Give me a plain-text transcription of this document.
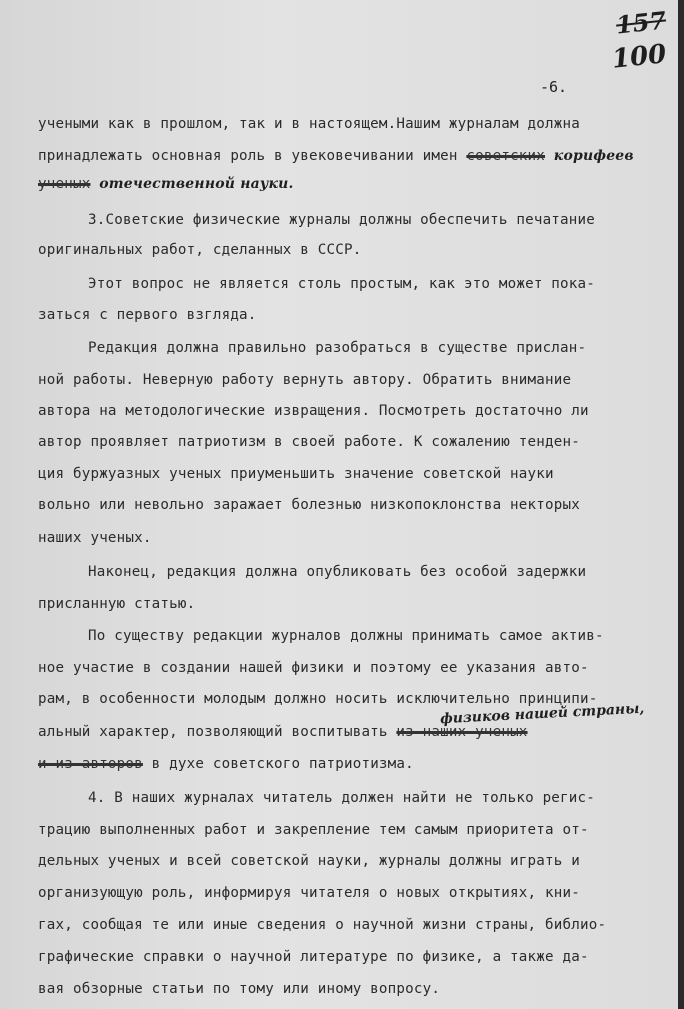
157
100
-6.
учеными как в прошлом, так и в настоящем.Нашим журналам должна
принадлежать основная роль в увековечивании имен советских корифеев
ученых отечественной науки.
3.Советские физические журналы должны обеспечить печатание
оригинальных работ, сделанных в СССР.
Этот вопрос не является столь простым, как это может пока-
заться с первого взгляда.
Редакция должна правильно разобраться в существе прислан-
ной работы. Неверную работу вернуть автору. Обратить внимание
автора на методологические извращения. Посмотреть достаточно ли
автор проявляет патриотизм в своей работе. К сожалению тенден-
ция буржуазных ученых приуменьшить значение советской науки
вольно или невольно заражает болезнью низкопоклонства некторых
наших ученых.
Наконец, редакция должна опубликовать без особой задержки
присланную статью.
По существу редакции журналов должны принимать самое актив-
ное участие в создании нашей физики и поэтому ее указания авто-
рам, в особенности молодым должно носить исключительно принципи-
физиков нашей страны,
альный характер, позволяющий воспитывать из наших ученых
и из авторов в духе советского патриотизма.
4. В наших журналах читатель должен найти не только регис-
трацию выполненных работ и закрепление тем самым приоритета от-
дельных ученых и всей советской науки, журналы должны играть и
организующую роль, информируя читателя о новых открытиях, кни-
гах, сообщая те или иные сведения о научной жизни страны, библио-
графические справки о научной литературе по физике, а также да-
вая обзорные статьи по тому или иному вопросу.
